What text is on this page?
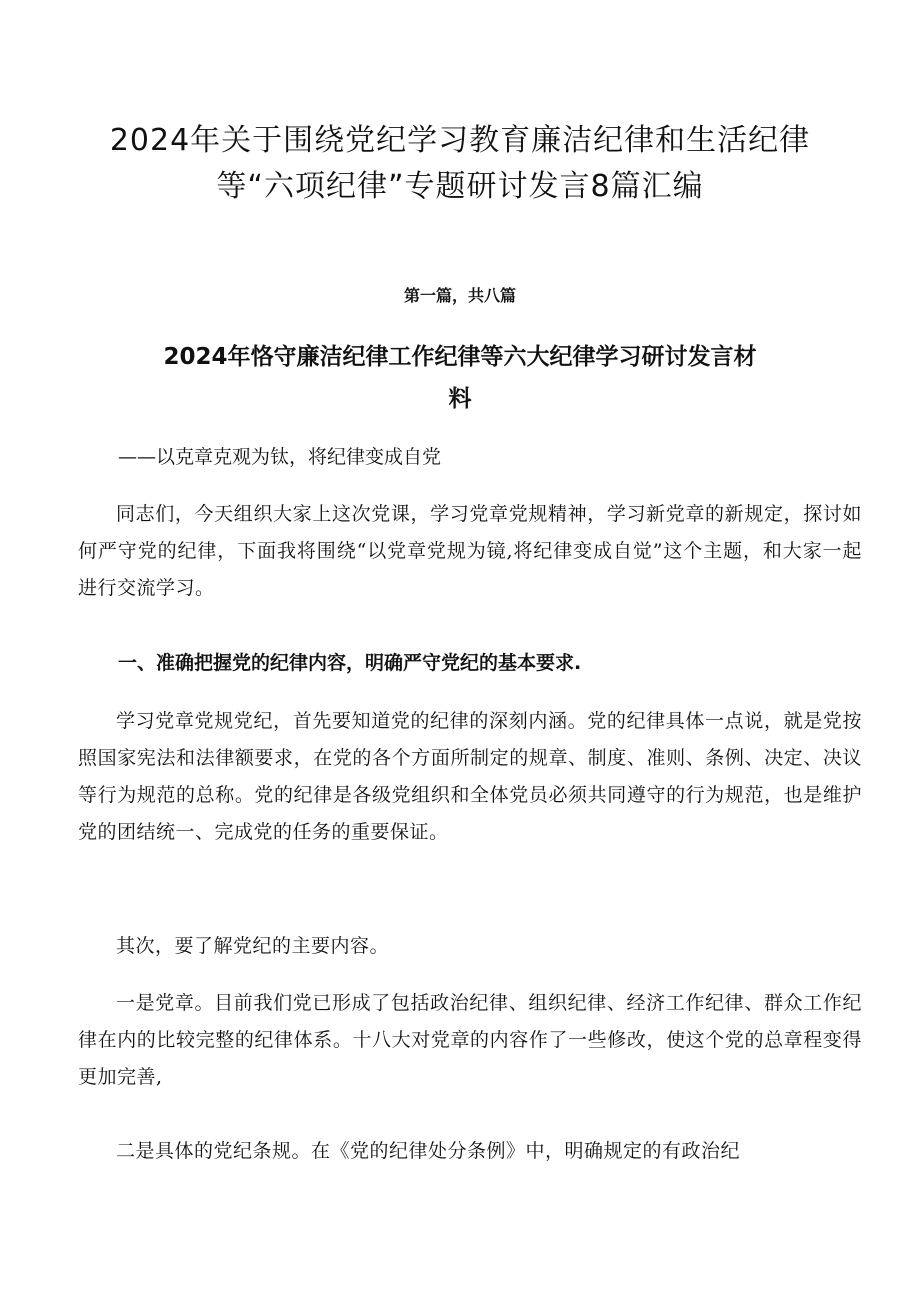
2024年关于围绕党纪学习教育廉洁纪律和生活纪律
等“六项纪律”专题研讨发言8篇汇编
第一篇，共八篇
2024年恪守廉洁纪律工作纪律等六大纪律学习研讨发言材
料
——以克章克观为钛，将纪律变成自党

同志们，今天组织大家上这次党课，学习党章党规精神，学习新党章的新规定，探讨如何严守党的纪律，下面我将围绕“以党章党规为镜,将纪律变成自觉”这个主题，和大家一起进行交流学习。

一、准确把握党的纪律内容，明确严守党纪的基本要求.

学习党章党规党纪，首先要知道党的纪律的深刻内涵。党的纪律具体一点说，就是党按照国家宪法和法律额要求，在党的各个方面所制定的规章、制度、准则、条例、决定、决议等行为规范的总称。党的纪律是各级党组织和全体党员必须共同遵守的行为规范，也是维护党的团结统一、完成党的任务的重要保证。

其次，要了解党纪的主要内容。

一是党章。目前我们党已形成了包括政治纪律、组织纪律、经济工作纪律、群众工作纪律在内的比较完整的纪律体系。十八大对党章的内容作了一些修改，使这个党的总章程变得更加完善,

二是具体的党纪条规。在《党的纪律处分条例》中，明确规定的有政治纪
